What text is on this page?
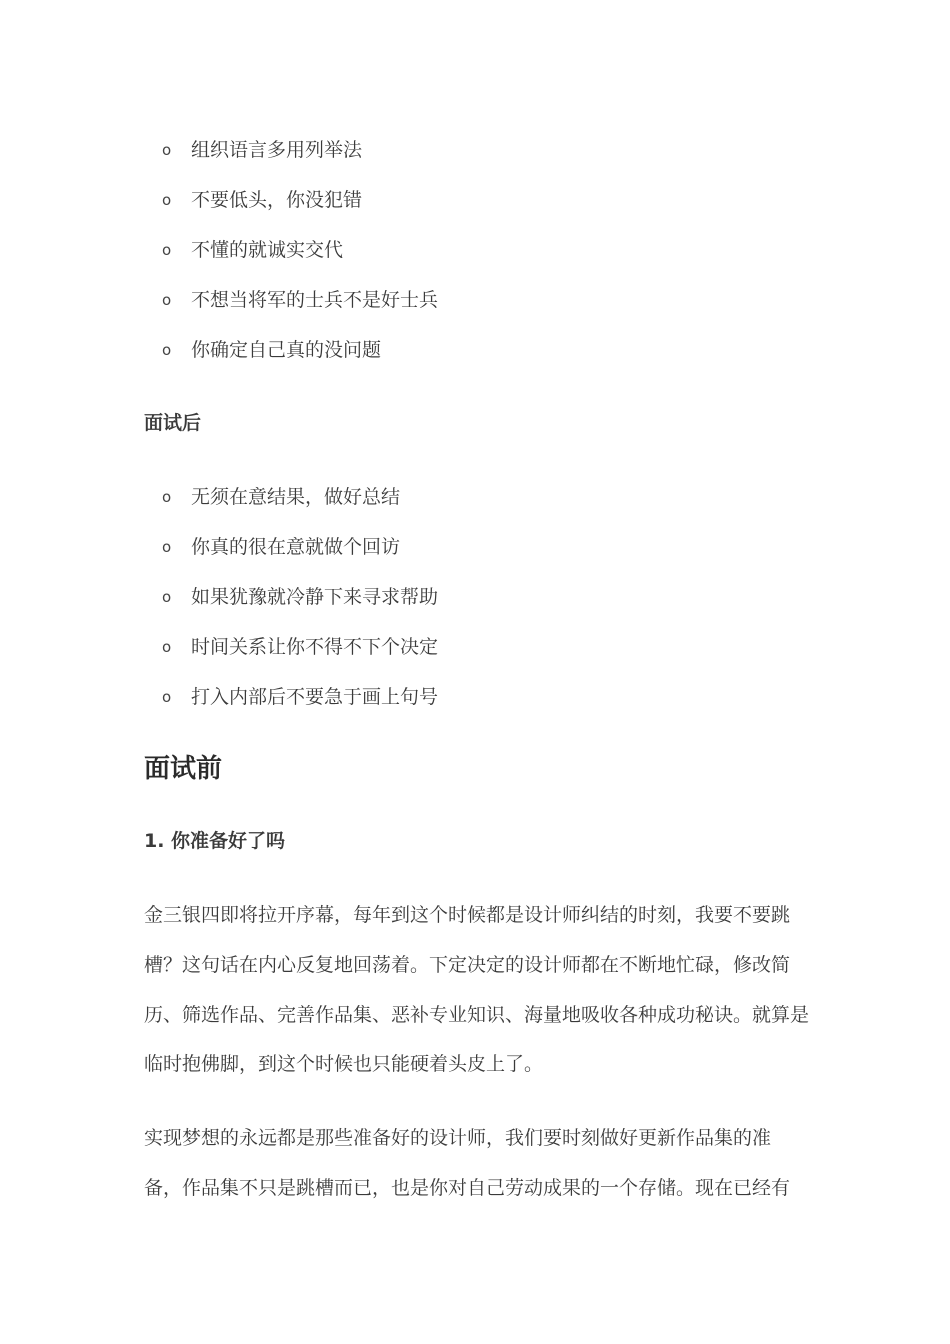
o 组织语言多用列举法
o 不要低头，你没犯错
o 不懂的就诚实交代
o 不想当将军的士兵不是好士兵
o 你确定自己真的没问题
面试后
o 无须在意结果，做好总结
o 你真的很在意就做个回访
o 如果犹豫就冷静下来寻求帮助
o 时间关系让你不得不下个决定
o 打入内部后不要急于画上句号
面试前
1. 你准备好了吗
金三银四即将拉开序幕，每年到这个时候都是设计师纠结的时刻，我要不要跳
槽？这句话在内心反复地回荡着。下定决定的设计师都在不断地忙碌，修改简
历、筛选作品、完善作品集、恶补专业知识、海量地吸收各种成功秘诀。就算是
临时抱佛脚，到这个时候也只能硬着头皮上了。
实现梦想的永远都是那些准备好的设计师，我们要时刻做好更新作品集的准
备，作品集不只是跳槽而已，也是你对自己劳动成果的一个存储。现在已经有
